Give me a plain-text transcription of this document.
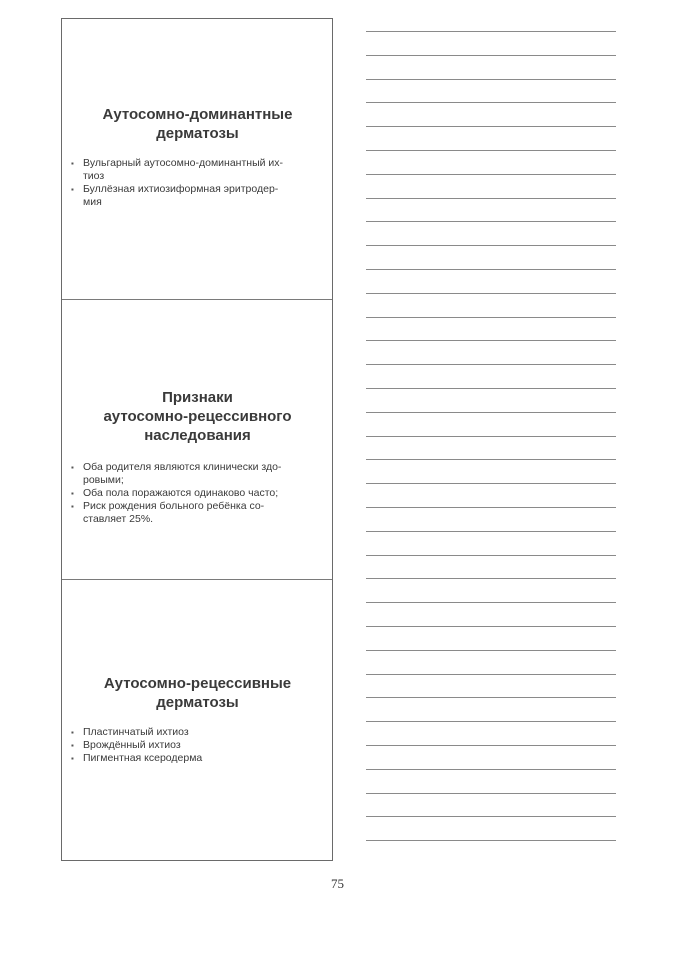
Аутосомно-доминантные
дерматозы
▪ Вульгарный аутосомно-доминантный их-
тиоз
▪ Буллёзная ихтиозиформная эритродер-
мия
Признаки
аутосомно-рецессивного
наследования
▪ Оба родителя являются клинически здо-
ровыми;
▪ Оба пола поражаются одинаково часто;
▪ Риск рождения больного ребёнка со-
ставляет 25%.
Аутосомно-рецессивные
дерматозы
▪ Пластинчатый ихтиоз
▪ Врождённый ихтиоз
▪ Пигментная ксеродерма
75
